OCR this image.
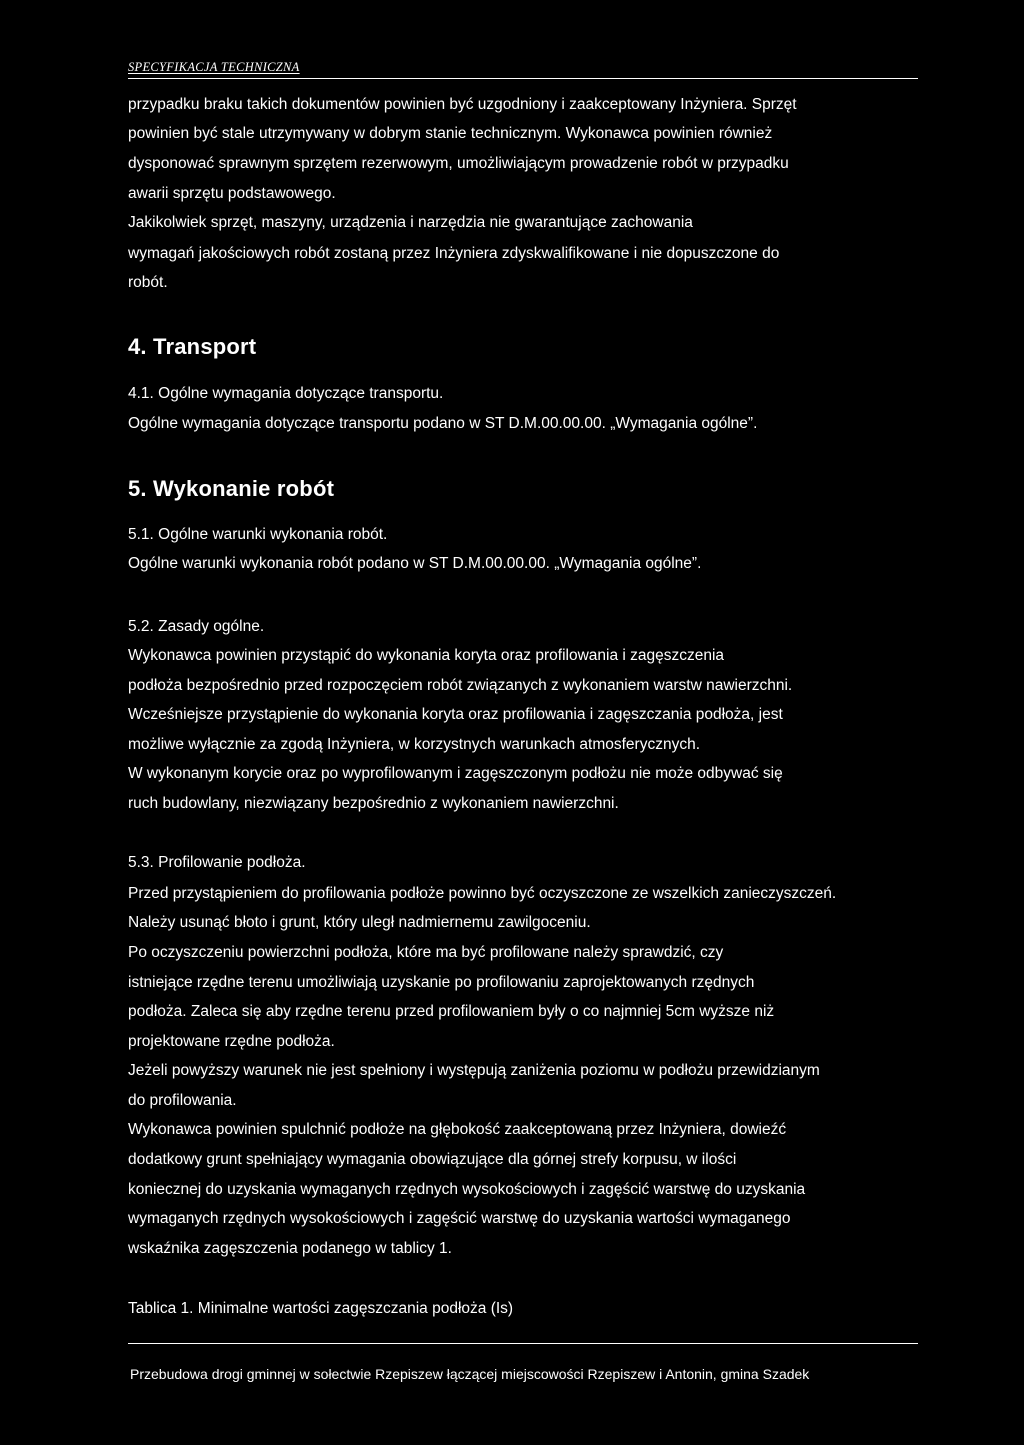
SPECYFIKACJA TECHNICZNA
przypadku braku takich dokumentów powinien być uzgodniony i zaakceptowany Inżyniera. Sprzęt
powinien być stale utrzymywany w dobrym stanie technicznym. Wykonawca powinien również
dysponować sprawnym sprzętem rezerwowym, umożliwiającym prowadzenie robót w przypadku
awarii sprzętu podstawowego.
Jakikolwiek sprzęt, maszyny, urządzenia i narzędzia nie gwarantujące zachowania
wymagań jakościowych robót zostaną przez Inżyniera zdyskwalifikowane i nie dopuszczone do
robót.
4. Transport
4.1. Ogólne wymagania dotyczące transportu.
Ogólne wymagania dotyczące transportu podano w ST D.M.00.00.00. „Wymagania ogólne”.
5. Wykonanie robót
5.1. Ogólne warunki wykonania robót.
Ogólne warunki wykonania robót podano w ST D.M.00.00.00. „Wymagania ogólne”.
5.2. Zasady ogólne.
Wykonawca powinien przystąpić do wykonania koryta oraz profilowania i zagęszczenia
podłoża bezpośrednio przed rozpoczęciem robót związanych z wykonaniem warstw nawierzchni.
Wcześniejsze przystąpienie do wykonania koryta oraz profilowania i zagęszczania podłoża, jest
możliwe wyłącznie za zgodą Inżyniera, w korzystnych warunkach atmosferycznych.
W wykonanym korycie oraz po wyprofilowanym i zagęszczonym podłożu nie może odbywać się
ruch budowlany, niezwiązany bezpośrednio z wykonaniem nawierzchni.
5.3. Profilowanie podłoża.
Przed przystąpieniem do profilowania podłoże powinno być oczyszczone ze wszelkich zanieczyszczeń.
Należy usunąć błoto i grunt, który uległ nadmiernemu zawilgoceniu.
Po oczyszczeniu powierzchni podłoża, które ma być profilowane należy sprawdzić, czy
istniejące rzędne terenu umożliwiają uzyskanie po profilowaniu zaprojektowanych rzędnych
podłoża. Zaleca się aby rzędne terenu przed profilowaniem były o co najmniej 5cm wyższe niż
projektowane rzędne podłoża.
Jeżeli powyższy warunek nie jest spełniony i występują zaniżenia poziomu w podłożu przewidzianym
do profilowania.
Wykonawca powinien spulchnić podłoże na głębokość zaakceptowaną przez Inżyniera, dowieźć
dodatkowy grunt spełniający wymagania obowiązujące dla górnej strefy korpusu, w ilości
koniecznej do uzyskania wymaganych rzędnych wysokościowych i zagęścić warstwę do uzyskania
wymaganych rzędnych wysokościowych i zagęścić warstwę do uzyskania wartości wymaganego
wskaźnika zagęszczenia podanego w tablicy 1.
Tablica 1. Minimalne wartości zagęszczania podłoża (Is)
Przebudowa drogi gminnej w sołectwie Rzepiszew łączącej miejscowości Rzepiszew i Antonin, gmina Szadek
